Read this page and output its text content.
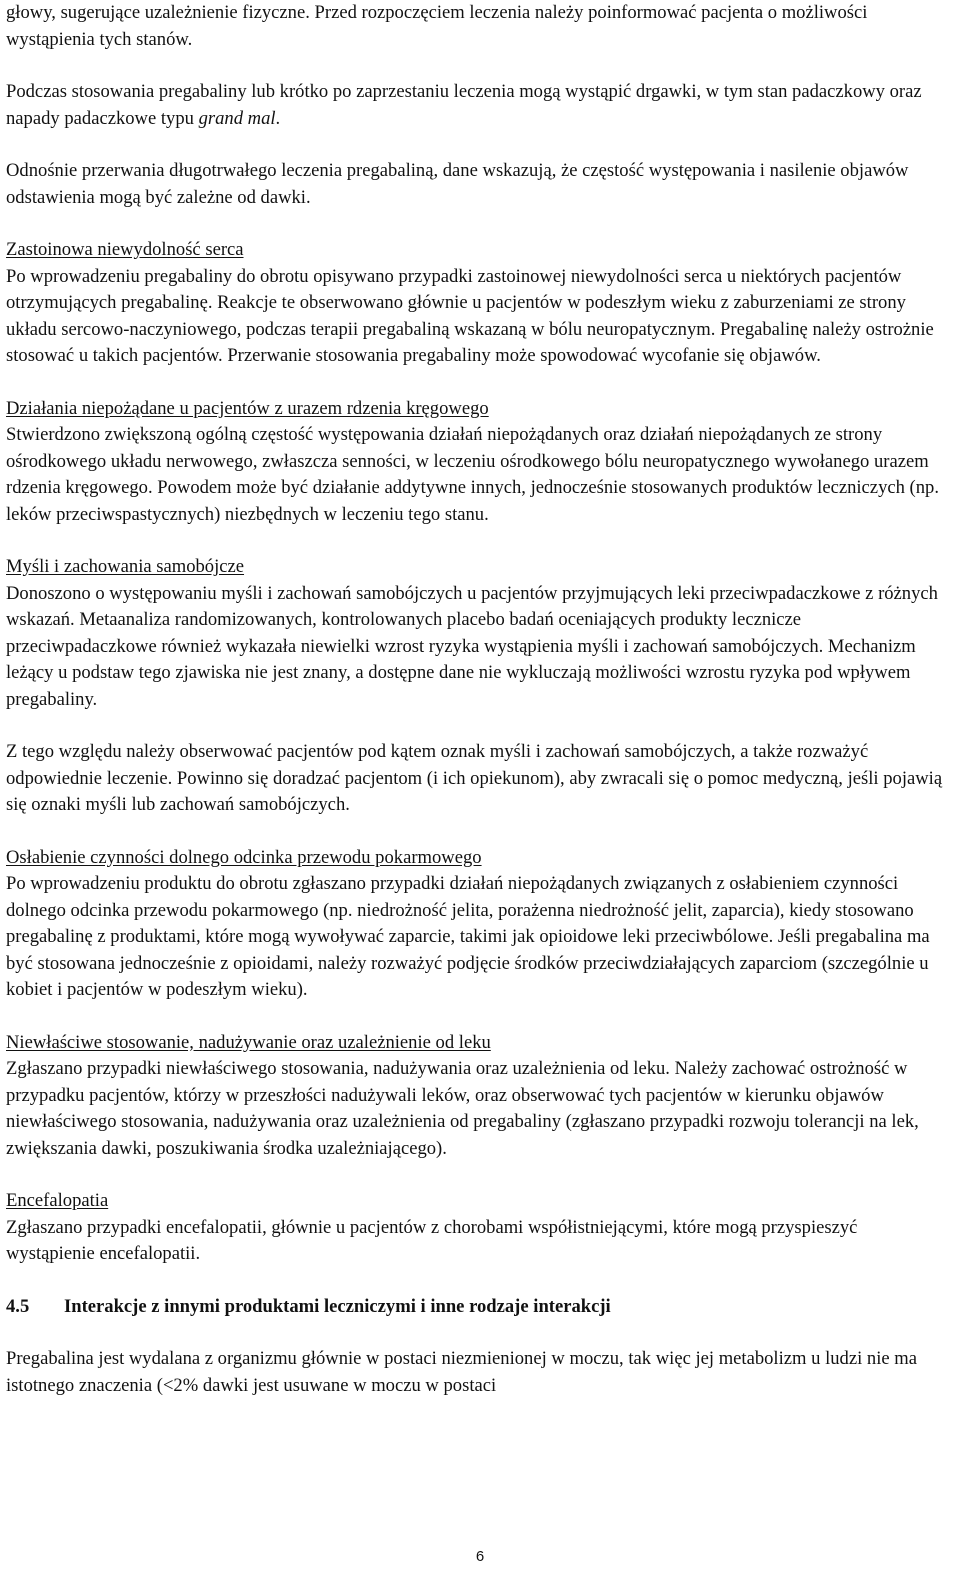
głowy, sugerujące uzależnienie fizyczne. Przed rozpoczęciem leczenia należy poinformować pacjenta o możliwości wystąpienia tych stanów.

Podczas stosowania pregabaliny lub krótko po zaprzestaniu leczenia mogą wystąpić drgawki, w tym stan padaczkowy oraz napady padaczkowe typu grand mal.

Odnośnie przerwania długotrwałego leczenia pregabaliną, dane wskazują, że częstość występowania i nasilenie objawów odstawienia mogą być zależne od dawki.

Zastoinowa niewydolność serca

Po wprowadzeniu pregabaliny do obrotu opisywano przypadki zastoinowej niewydolności serca u niektórych pacjentów otrzymujących pregabalinę. Reakcje te obserwowano głównie u pacjentów w podeszłym wieku z zaburzeniami ze strony układu sercowo-naczyniowego, podczas terapii pregabaliną wskazaną w bólu neuropatycznym. Pregabalinę należy ostrożnie stosować u takich pacjentów. Przerwanie stosowania pregabaliny może spowodować wycofanie się objawów.

Działania niepożądane u pacjentów z urazem rdzenia kręgowego

Stwierdzono zwiększoną ogólną częstość występowania działań niepożądanych oraz działań niepożądanych ze strony ośrodkowego układu nerwowego, zwłaszcza senności, w leczeniu ośrodkowego bólu neuropatycznego wywołanego urazem rdzenia kręgowego. Powodem może być działanie addytywne innych, jednocześnie stosowanych produktów leczniczych (np. leków przeciwspastycznych) niezbędnych w leczeniu tego stanu.

Myśli i zachowania samobójcze

Donoszono o występowaniu myśli i zachowań samobójczych u pacjentów przyjmujących leki przeciwpadaczkowe z różnych wskazań. Metaanaliza randomizowanych, kontrolowanych placebo badań oceniających produkty lecznicze przeciwpadaczkowe również wykazała niewielki wzrost ryzyka wystąpienia myśli i zachowań samobójczych. Mechanizm leżący u podstaw tego zjawiska nie jest znany, a dostępne dane nie wykluczają możliwości wzrostu ryzyka pod wpływem pregabaliny.

Z tego względu należy obserwować pacjentów pod kątem oznak myśli i zachowań samobójczych, a także rozważyć odpowiednie leczenie. Powinno się doradzać pacjentom (i ich opiekunom), aby zwracali się o pomoc medyczną, jeśli pojawią się oznaki myśli lub zachowań samobójczych.

Osłabienie czynności dolnego odcinka przewodu pokarmowego

Po wprowadzeniu produktu do obrotu zgłaszano przypadki działań niepożądanych związanych z osłabieniem czynności dolnego odcinka przewodu pokarmowego (np. niedrożność jelita, porażenna niedrożność jelit, zaparcia), kiedy stosowano pregabalinę z produktami, które mogą wywoływać zaparcie, takimi jak opioidowe leki przeciwbólowe. Jeśli pregabalina ma być stosowana jednocześnie z opioidami, należy rozważyć podjęcie środków przeciwdziałających zaparciom (szczególnie u kobiet i pacjentów w podeszłym wieku).

Niewłaściwe stosowanie, nadużywanie oraz uzależnienie od leku

Zgłaszano przypadki niewłaściwego stosowania, nadużywania oraz uzależnienia od leku. Należy zachować ostrożność w przypadku pacjentów, którzy w przeszłości nadużywali leków, oraz obserwować tych pacjentów w kierunku objawów niewłaściwego stosowania, nadużywania oraz uzależnienia od pregabaliny (zgłaszano przypadki rozwoju tolerancji na lek, zwiększania dawki, poszukiwania środka uzależniającego).

Encefalopatia

Zgłaszano przypadki encefalopatii, głównie u pacjentów z chorobami współistniejącymi, które mogą przyspieszyć wystąpienie encefalopatii.

4.5	Interakcje z innymi produktami leczniczymi i inne rodzaje interakcji

Pregabalina jest wydalana z organizmu głównie w postaci niezmienionej w moczu, tak więc jej metabolizm u ludzi nie ma istotnego znaczenia (<2% dawki jest usuwane w moczu w postaci

6
